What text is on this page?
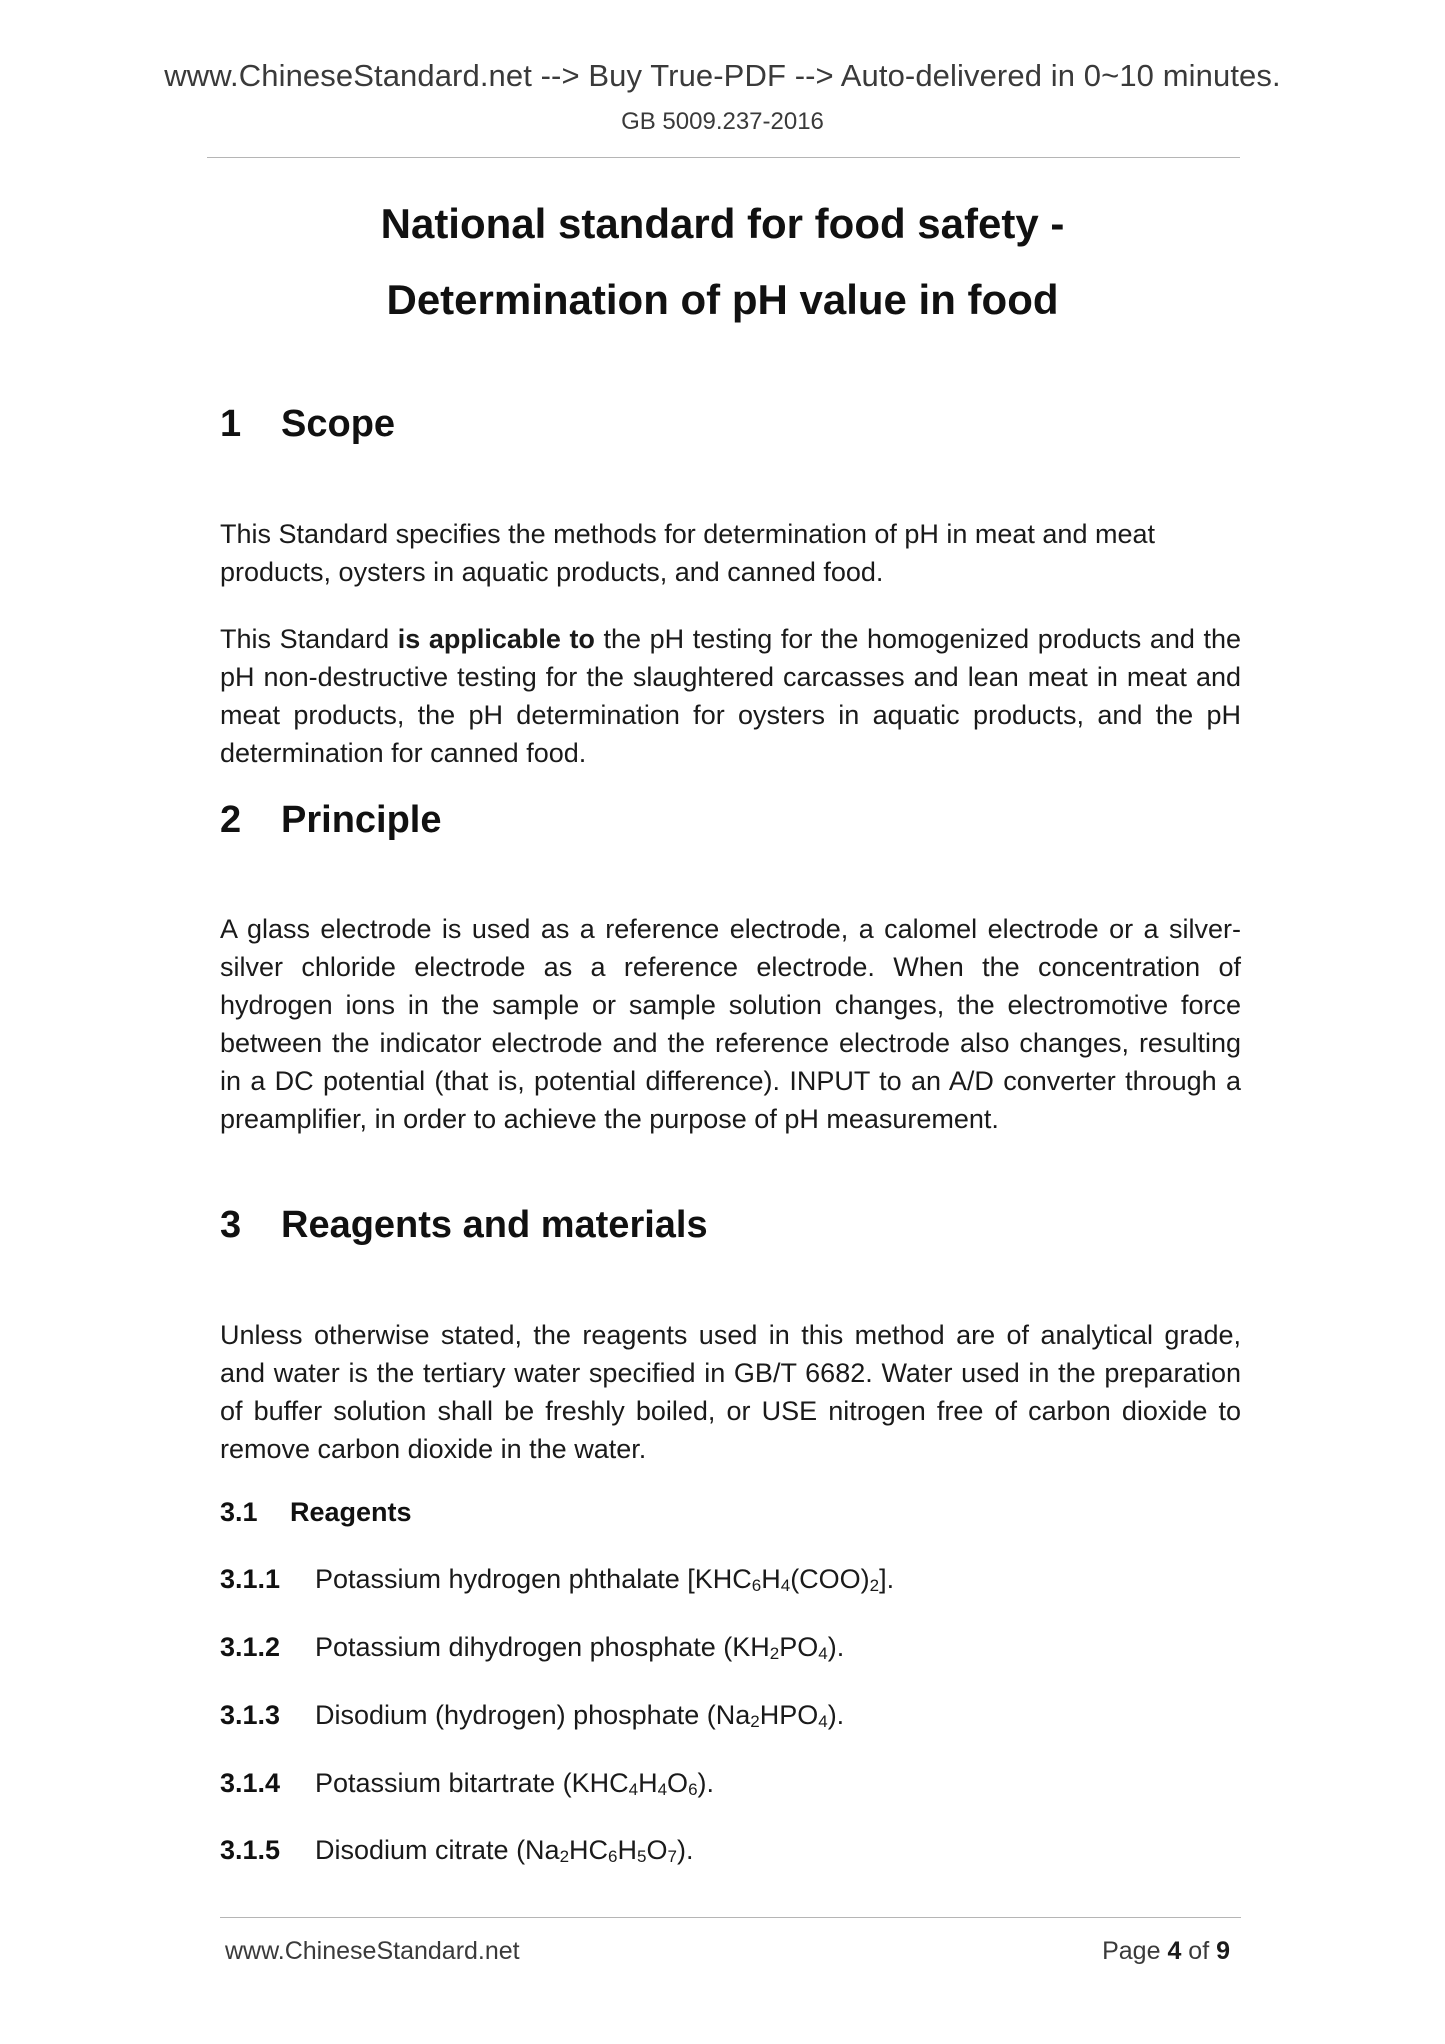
www.ChineseStandard.net --> Buy True-PDF --> Auto-delivered in 0~10 minutes.
GB 5009.237-2016
National standard for food safety -
Determination of pH value in food
1 Scope
This Standard specifies the methods for determination of pH in meat and meat products, oysters in aquatic products, and canned food.
This Standard is applicable to the pH testing for the homogenized products and the pH non-destructive testing for the slaughtered carcasses and lean meat in meat and meat products, the pH determination for oysters in aquatic products, and the pH determination for canned food.
2 Principle
A glass electrode is used as a reference electrode, a calomel electrode or a silver-silver chloride electrode as a reference electrode. When the concentration of hydrogen ions in the sample or sample solution changes, the electromotive force between the indicator electrode and the reference electrode also changes, resulting in a DC potential (that is, potential difference). INPUT to an A/D converter through a preamplifier, in order to achieve the purpose of pH measurement.
3 Reagents and materials
Unless otherwise stated, the reagents used in this method are of analytical grade, and water is the tertiary water specified in GB/T 6682. Water used in the preparation of buffer solution shall be freshly boiled, or USE nitrogen free of carbon dioxide to remove carbon dioxide in the water.
3.1 Reagents
3.1.1 Potassium hydrogen phthalate $[KHC_6H_4(COO)_2]$.
3.1.2 Potassium dihydrogen phosphate $(KH_2PO_4)$.
3.1.3 Disodium (hydrogen) phosphate $(Na_2HPO_4)$.
3.1.4 Potassium bitartrate $(KHC_4H_4O_6)$.
3.1.5 Disodium citrate $(Na_2HC_6H_5O_7)$.
www.ChineseStandard.net	Page 4 of 9
